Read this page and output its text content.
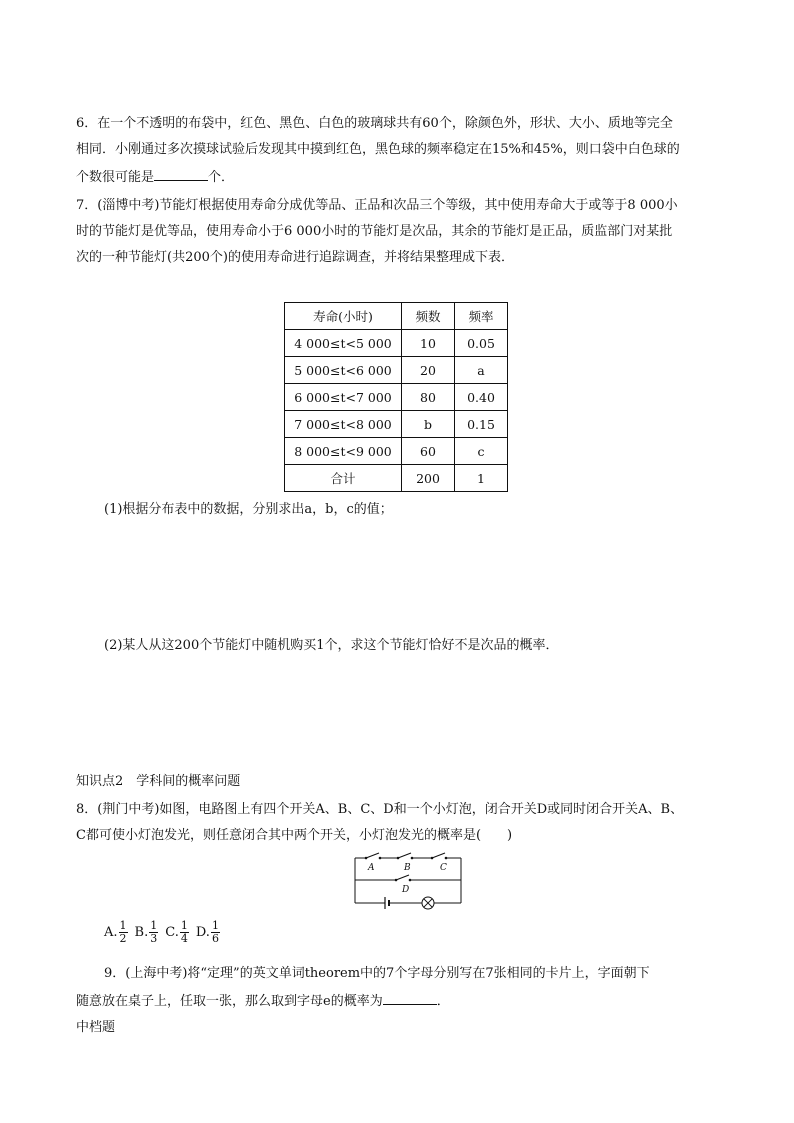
6．在一个不透明的布袋中，红色、黑色、白色的玻璃球共有60个，除颜色外，形状、大小、质地等完全
相同．小刚通过多次摸球试验后发现其中摸到红色，黑色球的频率稳定在15%和45%，则口袋中白色球的
个数很可能是	个．
7．(淄博中考)节能灯根据使用寿命分成优等品、正品和次品三个等级，其中使用寿命大于或等于8 000小
时的节能灯是优等品，使用寿命小于6 000小时的节能灯是次品，其余的节能灯是正品，质监部门对某批
次的一种节能灯(共200个)的使用寿命进行追踪调查，并将结果整理成下表．
寿命(小时)	频数	频率
4 000≤t<5 000	10	0.05
5 000≤t<6 000	20	a
6 000≤t<7 000	80	0.40
7 000≤t<8 000	b	0.15
8 000≤t<9 000	60	c
合计	200	1
(1)根据分布表中的数据，分别求出a，b，c的值；
(2)某人从这200个节能灯中随机购买1个，求这个节能灯恰好不是次品的概率．
知识点2　学科间的概率问题
8．(荆门中考)如图，电路图上有四个开关A、B、C、D和一个小灯泡，闭合开关D或同时闭合开关A、B、
C都可使小灯泡发光，则任意闭合其中两个开关，小灯泡发光的概率是(　　)
A	B	C
D
A. $\frac{1}{2} B$. $\frac{1}{3} C$. $\frac{1}{4} D$. $\frac{1}{6}$
9．(上海中考)将“定理”的英文单词theorem中的7个字母分别写在7张相同的卡片上，字面朝下
随意放在桌子上，任取一张，那么取到字母e的概率为	．
中档题
